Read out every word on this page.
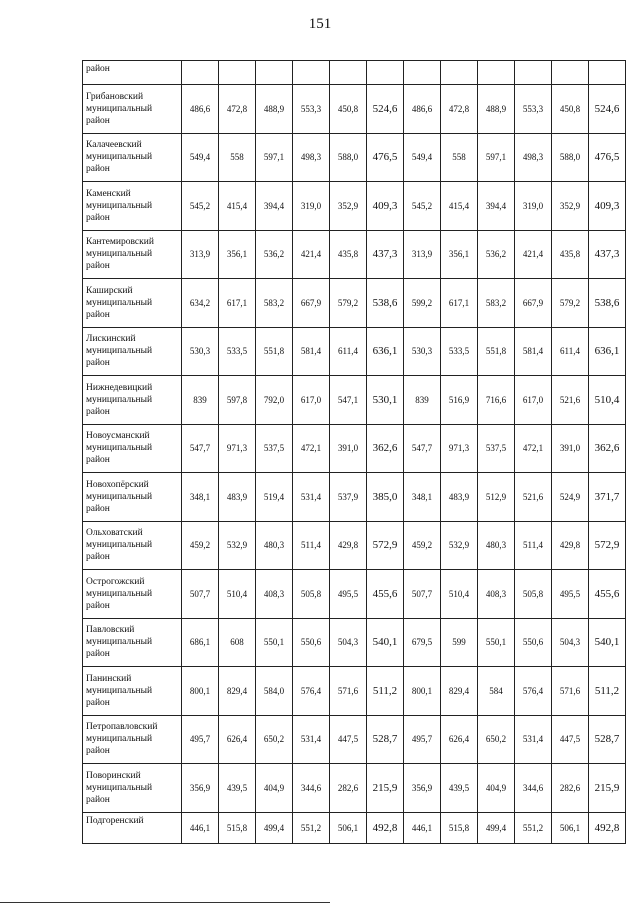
151
район												
Грибановский муниципальный район	486,6	472,8	488,9	553,3	450,8	524,6	486,6	472,8	488,9	553,3	450,8	524,6
Калачеевский муниципальный район	549,4	558	597,1	498,3	588,0	476,5	549,4	558	597,1	498,3	588,0	476,5
Каменский муниципальный район	545,2	415,4	394,4	319,0	352,9	409,3	545,2	415,4	394,4	319,0	352,9	409,3
Кантемировский муниципальный район	313,9	356,1	536,2	421,4	435,8	437,3	313,9	356,1	536,2	421,4	435,8	437,3
Каширский муниципальный район	634,2	617,1	583,2	667,9	579,2	538,6	599,2	617,1	583,2	667,9	579,2	538,6
Лискинский муниципальный район	530,3	533,5	551,8	581,4	611,4	636,1	530,3	533,5	551,8	581,4	611,4	636,1
Нижнедевицкий муниципальный район	839	597,8	792,0	617,0	547,1	530,1	839	516,9	716,6	617,0	521,6	510,4
Новоусманский муниципальный район	547,7	971,3	537,5	472,1	391,0	362,6	547,7	971,3	537,5	472,1	391,0	362,6
Новохопёрский муниципальный район	348,1	483,9	519,4	531,4	537,9	385,0	348,1	483,9	512,9	521,6	524,9	371,7
Ольховатский муниципальный район	459,2	532,9	480,3	511,4	429,8	572,9	459,2	532,9	480,3	511,4	429,8	572,9
Острогожский муниципальный район	507,7	510,4	408,3	505,8	495,5	455,6	507,7	510,4	408,3	505,8	495,5	455,6
Павловский муниципальный район	686,1	608	550,1	550,6	504,3	540,1	679,5	599	550,1	550,6	504,3	540,1
Панинский муниципальный район	800,1	829,4	584,0	576,4	571,6	511,2	800,1	829,4	584	576,4	571,6	511,2
Петропавловский муниципальный район	495,7	626,4	650,2	531,4	447,5	528,7	495,7	626,4	650,2	531,4	447,5	528,7
Поворинский муниципальный район	356,9	439,5	404,9	344,6	282,6	215,9	356,9	439,5	404,9	344,6	282,6	215,9
Подгоренский	446,1	515,8	499,4	551,2	506,1	492,8	446,1	515,8	499,4	551,2	506,1	492,8
